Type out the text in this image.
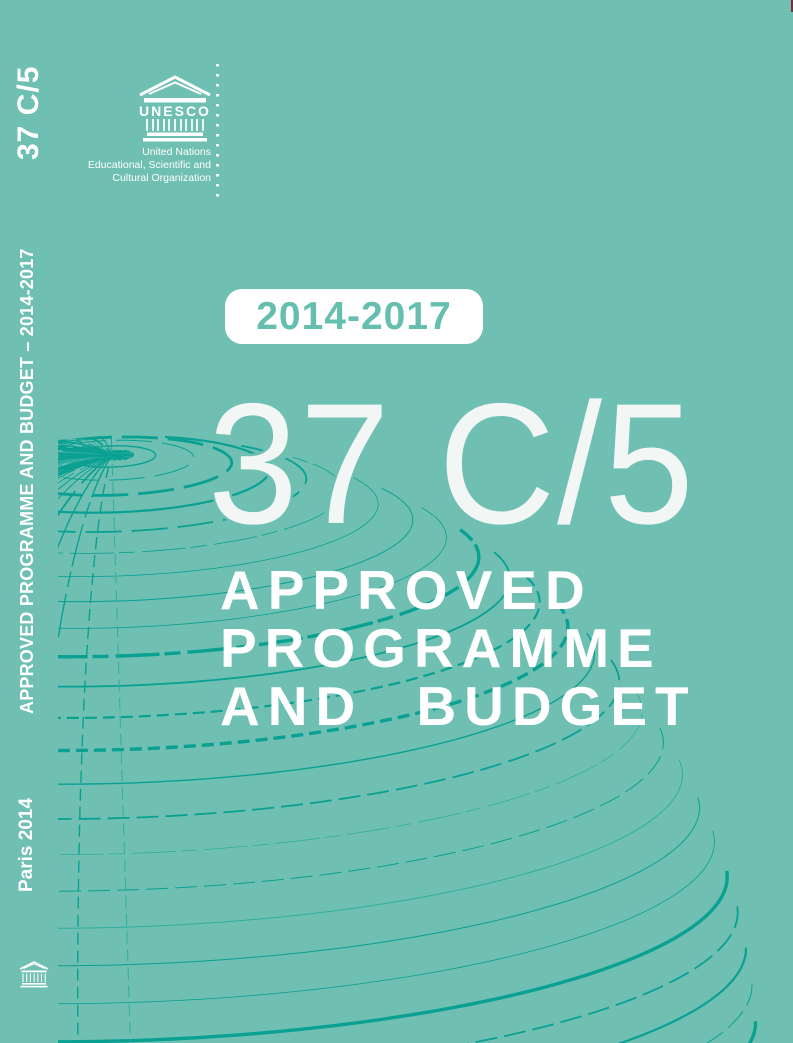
37 C/5	UNESCO
United Nations
Educational, Scientific and
Cultural Organization
APPROVED PROGRAMME AND BUDGET – 2014-2017	2014-2017
37 C/5
APPROVED
PROGRAMME
AND BUDGET
Paris 2014
